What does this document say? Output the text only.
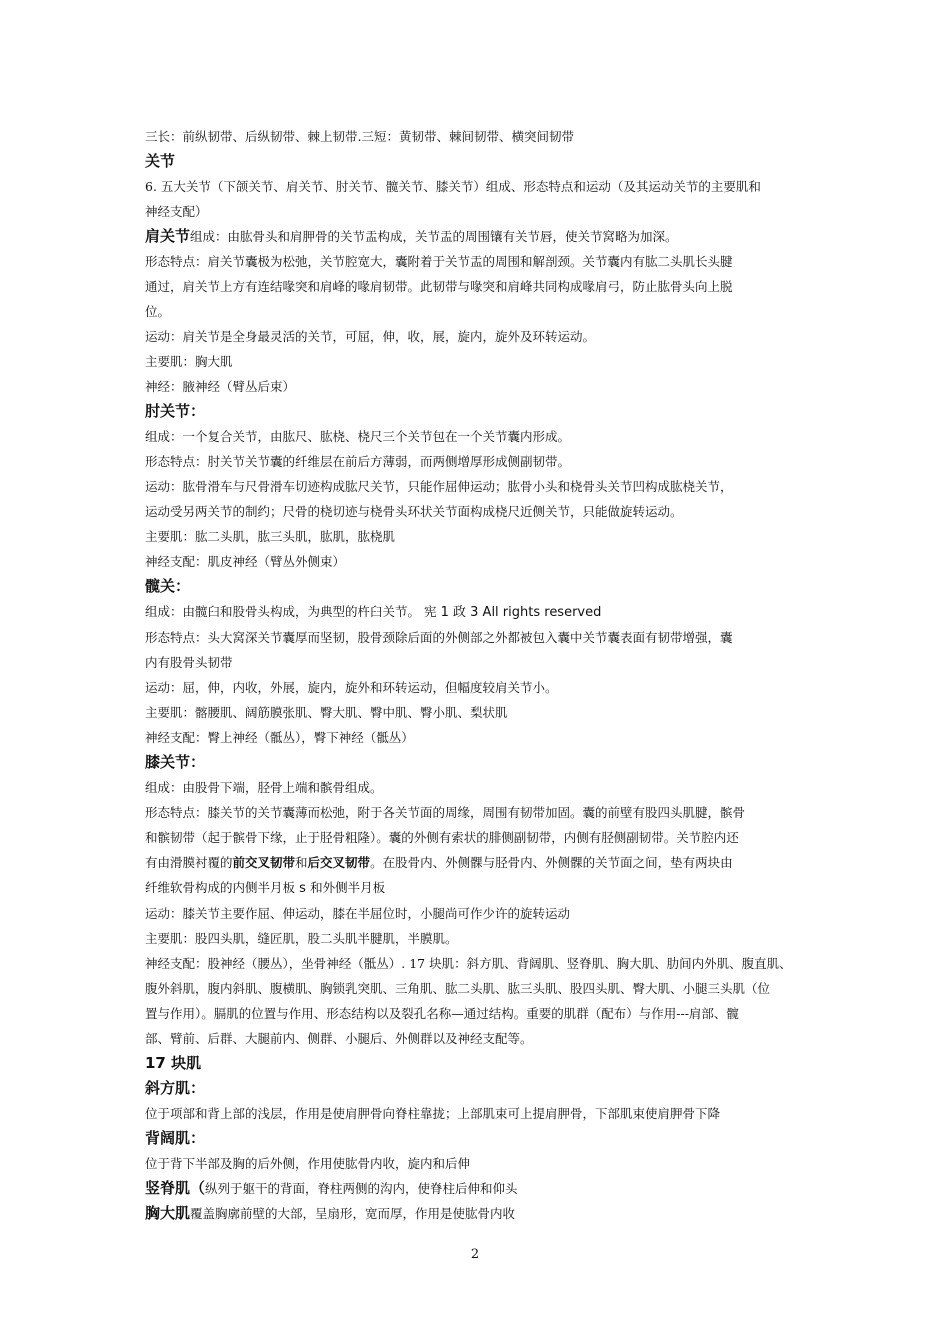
三长：前纵韧带、后纵韧带、棘上韧带.三短：黄韧带、棘间韧带、横突间韧带

关节

6. 五大关节（下颌关节、肩关节、肘关节、髋关节、膝关节）组成、形态特点和运动（及其运动关节的主要肌和

神经支配）

肩关节组成：由肱骨头和肩胛骨的关节盂构成，关节盂的周围镶有关节唇，使关节窝略为加深。

形态特点：肩关节囊极为松弛，关节腔宽大，囊附着于关节盂的周围和解剖颈。关节囊内有肱二头肌长头腱

通过，肩关节上方有连结喙突和肩峰的喙肩韧带。此韧带与喙突和肩峰共同构成喙肩弓，防止肱骨头向上脱

位。

运动：肩关节是全身最灵活的关节，可屈，伸，收，展，旋内，旋外及环转运动。

主要肌：胸大肌

神经：腋神经（臂丛后束）

肘关节：

组成：一个复合关节，由肱尺、肱桡、桡尺三个关节包在一个关节囊内形成。

形态特点：肘关节关节囊的纤维层在前后方薄弱，而两侧增厚形成侧副韧带。

运动：肱骨滑车与尺骨滑车切迹构成肱尺关节，只能作屈伸运动；肱骨小头和桡骨头关节凹构成肱桡关节，

运动受另两关节的制约；尺骨的桡切迹与桡骨头环状关节面构成桡尺近侧关节，只能做旋转运动。

主要肌：肱二头肌，肱三头肌，肱肌，肱桡肌

神经支配：肌皮神经（臂丛外侧束）

髋关：

组成：由髋臼和股骨头构成，为典型的杵臼关节。 宪 1 政 3 All rights reserved

形态特点：头大窝深关节囊厚而坚韧，股骨颈除后面的外侧部之外都被包入囊中关节囊表面有韧带增强，囊

内有股骨头韧带

运动：屈，伸，内收，外展，旋内，旋外和环转运动，但幅度较肩关节小。

主要肌：髂腰肌、阔筋膜张肌、臀大肌、臀中肌、臀小肌、梨状肌

神经支配：臀上神经（骶丛），臀下神经（骶丛）

膝关节：

组成：由股骨下端，胫骨上端和髌骨组成。

形态特点：膝关节的关节囊薄而松弛，附于各关节面的周缘，周围有韧带加固。囊的前壁有股四头肌腱，髌骨

和髌韧带（起于髌骨下缘，止于胫骨粗隆）。囊的外侧有索状的腓侧副韧带，内侧有胫侧副韧带。关节腔内还

有由滑膜衬覆的前交叉韧带和后交叉韧带。在股骨内、外侧髁与胫骨内、外侧髁的关节面之间，垫有两块由

纤维软骨构成的内侧半月板 s 和外侧半月板

运动：膝关节主要作屈、伸运动，膝在半屈位时，小腿尚可作少许的旋转运动

主要肌：股四头肌，缝匠肌，股二头肌半腱肌，半膜肌。

神经支配：股神经（腰丛），坐骨神经（骶丛）. 17 块肌：斜方肌、背阔肌、竖脊肌、胸大肌、肋间内外肌、腹直肌、

腹外斜肌，腹内斜肌、腹横肌、胸锁乳突肌、三角肌、肱二头肌、肱三头肌、股四头肌、臀大肌、小腿三头肌（位

置与作用）。膈肌的位置与作用、形态结构以及裂孔名称—通过结构。重要的肌群（配布）与作用---肩部、髋

部、臂前、后群、大腿前内、侧群、小腿后、外侧群以及神经支配等。

17 块肌

斜方肌：

位于项部和背上部的浅层，作用是使肩胛骨向脊柱靠拢；上部肌束可上提肩胛骨，下部肌束使肩胛骨下降

背阔肌：

位于背下半部及胸的后外侧，作用使肱骨内收，旋内和后伸

竖脊肌（纵列于躯干的背面，脊柱两侧的沟内，使脊柱后伸和仰头

胸大肌覆盖胸廓前壁的大部，呈扇形，宽而厚，作用是使肱骨内收

2
